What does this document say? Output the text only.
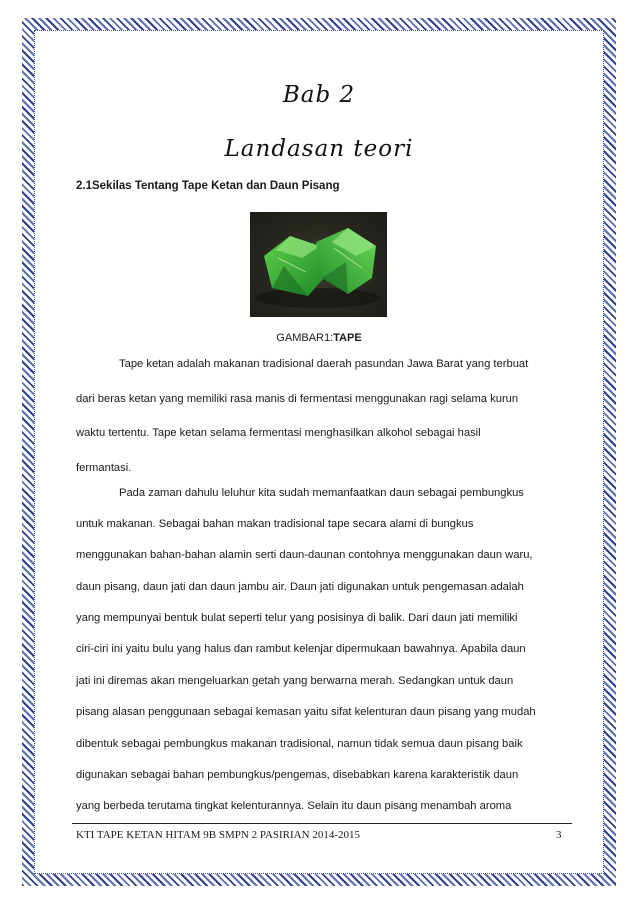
Bab 2
Landasan teori
2.1Sekilas Tentang Tape Ketan dan Daun Pisang
GAMBAR1:TAPE
Tape ketan adalah makanan tradisional daerah pasundan Jawa Barat yang terbuat
dari beras ketan yang memiliki rasa manis di fermentasi menggunakan ragi selama kurun
waktu tertentu. Tape ketan selama fermentasi menghasilkan alkohol sebagai hasil
fermantasi.
Pada zaman dahulu leluhur kita sudah memanfaatkan daun sebagai pembungkus
untuk makanan. Sebagai bahan makan tradisional tape secara alami di bungkus
menggunakan bahan-bahan alamin serti daun-daunan contohnya menggunakan daun waru,
daun pisang, daun jati dan daun jambu air. Daun jati digunakan untuk pengemasan adalah
yang mempunyai bentuk bulat seperti telur yang posisinya di balik. Dari daun jati memiliki
ciri-ciri ini yaitu bulu yang halus dan rambut kelenjar dipermukaan bawahnya. Apabila daun
jati ini diremas akan mengeluarkan getah yang berwarna merah. Sedangkan untuk daun
pisang alasan penggunaan sebagai kemasan yaitu sifat kelenturan daun pisang yang mudah
dibentuk sebagai pembungkus makanan tradisional, namun tidak semua daun pisang baik
digunakan sebagai bahan pembungkus/pengemas, disebabkan karena karakteristik daun
yang berbeda terutama tingkat kelenturannya. Selain itu daun pisang menambah aroma
KTI TAPE KETAN HITAM 9B SMPN 2 PASIRIAN 2014-2015	3
